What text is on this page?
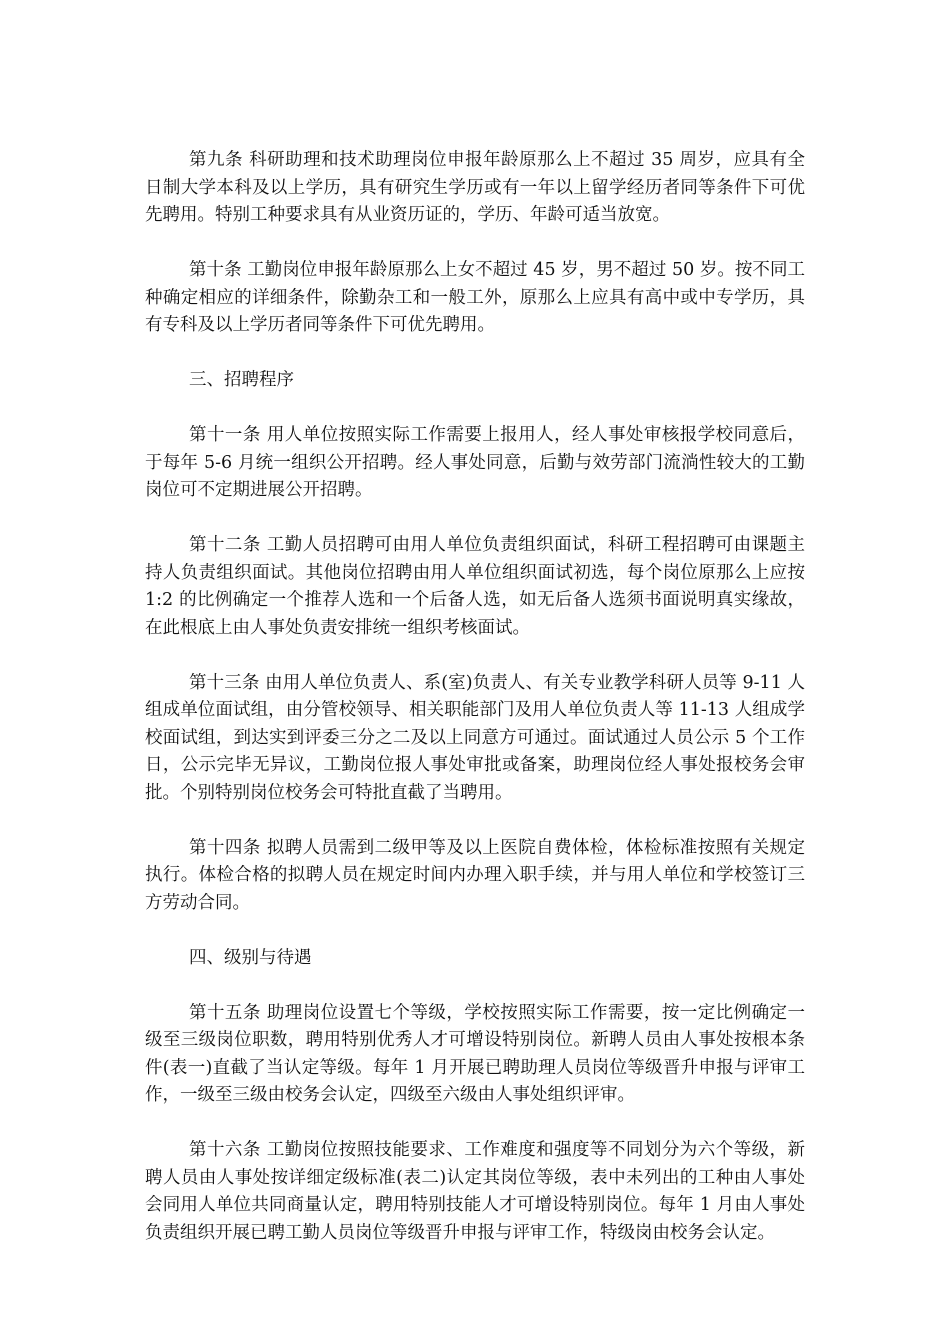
第九条 科研助理和技术助理岗位申报年龄原那么上不超过 35 周岁，应具有全日制大学本科及以上学历，具有研究生学历或有一年以上留学经历者同等条件下可优先聘用。特别工种要求具有从业资历证的，学历、年龄可适当放宽。

第十条 工勤岗位申报年龄原那么上女不超过 45 岁，男不超过 50 岁。按不同工种确定相应的详细条件，除勤杂工和一般工外，原那么上应具有高中或中专学历，具有专科及以上学历者同等条件下可优先聘用。

三、招聘程序

第十一条 用人单位按照实际工作需要上报用人，经人事处审核报学校同意后，于每年 5-6 月统一组织公开招聘。经人事处同意，后勤与效劳部门流淌性较大的工勤岗位可不定期进展公开招聘。

第十二条 工勤人员招聘可由用人单位负责组织面试，科研工程招聘可由课题主持人负责组织面试。其他岗位招聘由用人单位组织面试初选，每个岗位原那么上应按 1:2 的比例确定一个推荐人选和一个后备人选，如无后备人选须书面说明真实缘故，在此根底上由人事处负责安排统一组织考核面试。

第十三条 由用人单位负责人、系(室)负责人、有关专业教学科研人员等 9-11 人组成单位面试组，由分管校领导、相关职能部门及用人单位负责人等 11-13 人组成学校面试组，到达实到评委三分之二及以上同意方可通过。面试通过人员公示 5 个工作日，公示完毕无异议，工勤岗位报人事处审批或备案，助理岗位经人事处报校务会审批。个别特别岗位校务会可特批直截了当聘用。

第十四条 拟聘人员需到二级甲等及以上医院自费体检，体检标准按照有关规定执行。体检合格的拟聘人员在规定时间内办理入职手续，并与用人单位和学校签订三方劳动合同。

四、级别与待遇

第十五条 助理岗位设置七个等级，学校按照实际工作需要，按一定比例确定一级至三级岗位职数，聘用特别优秀人才可增设特别岗位。新聘人员由人事处按根本条件(表一)直截了当认定等级。每年 1 月开展已聘助理人员岗位等级晋升申报与评审工作，一级至三级由校务会认定，四级至六级由人事处组织评审。

第十六条 工勤岗位按照技能要求、工作难度和强度等不同划分为六个等级，新聘人员由人事处按详细定级标准(表二)认定其岗位等级，表中未列出的工种由人事处会同用人单位共同商量认定，聘用特别技能人才可增设特别岗位。每年 1 月由人事处负责组织开展已聘工勤人员岗位等级晋升申报与评审工作，特级岗由校务会认定。
